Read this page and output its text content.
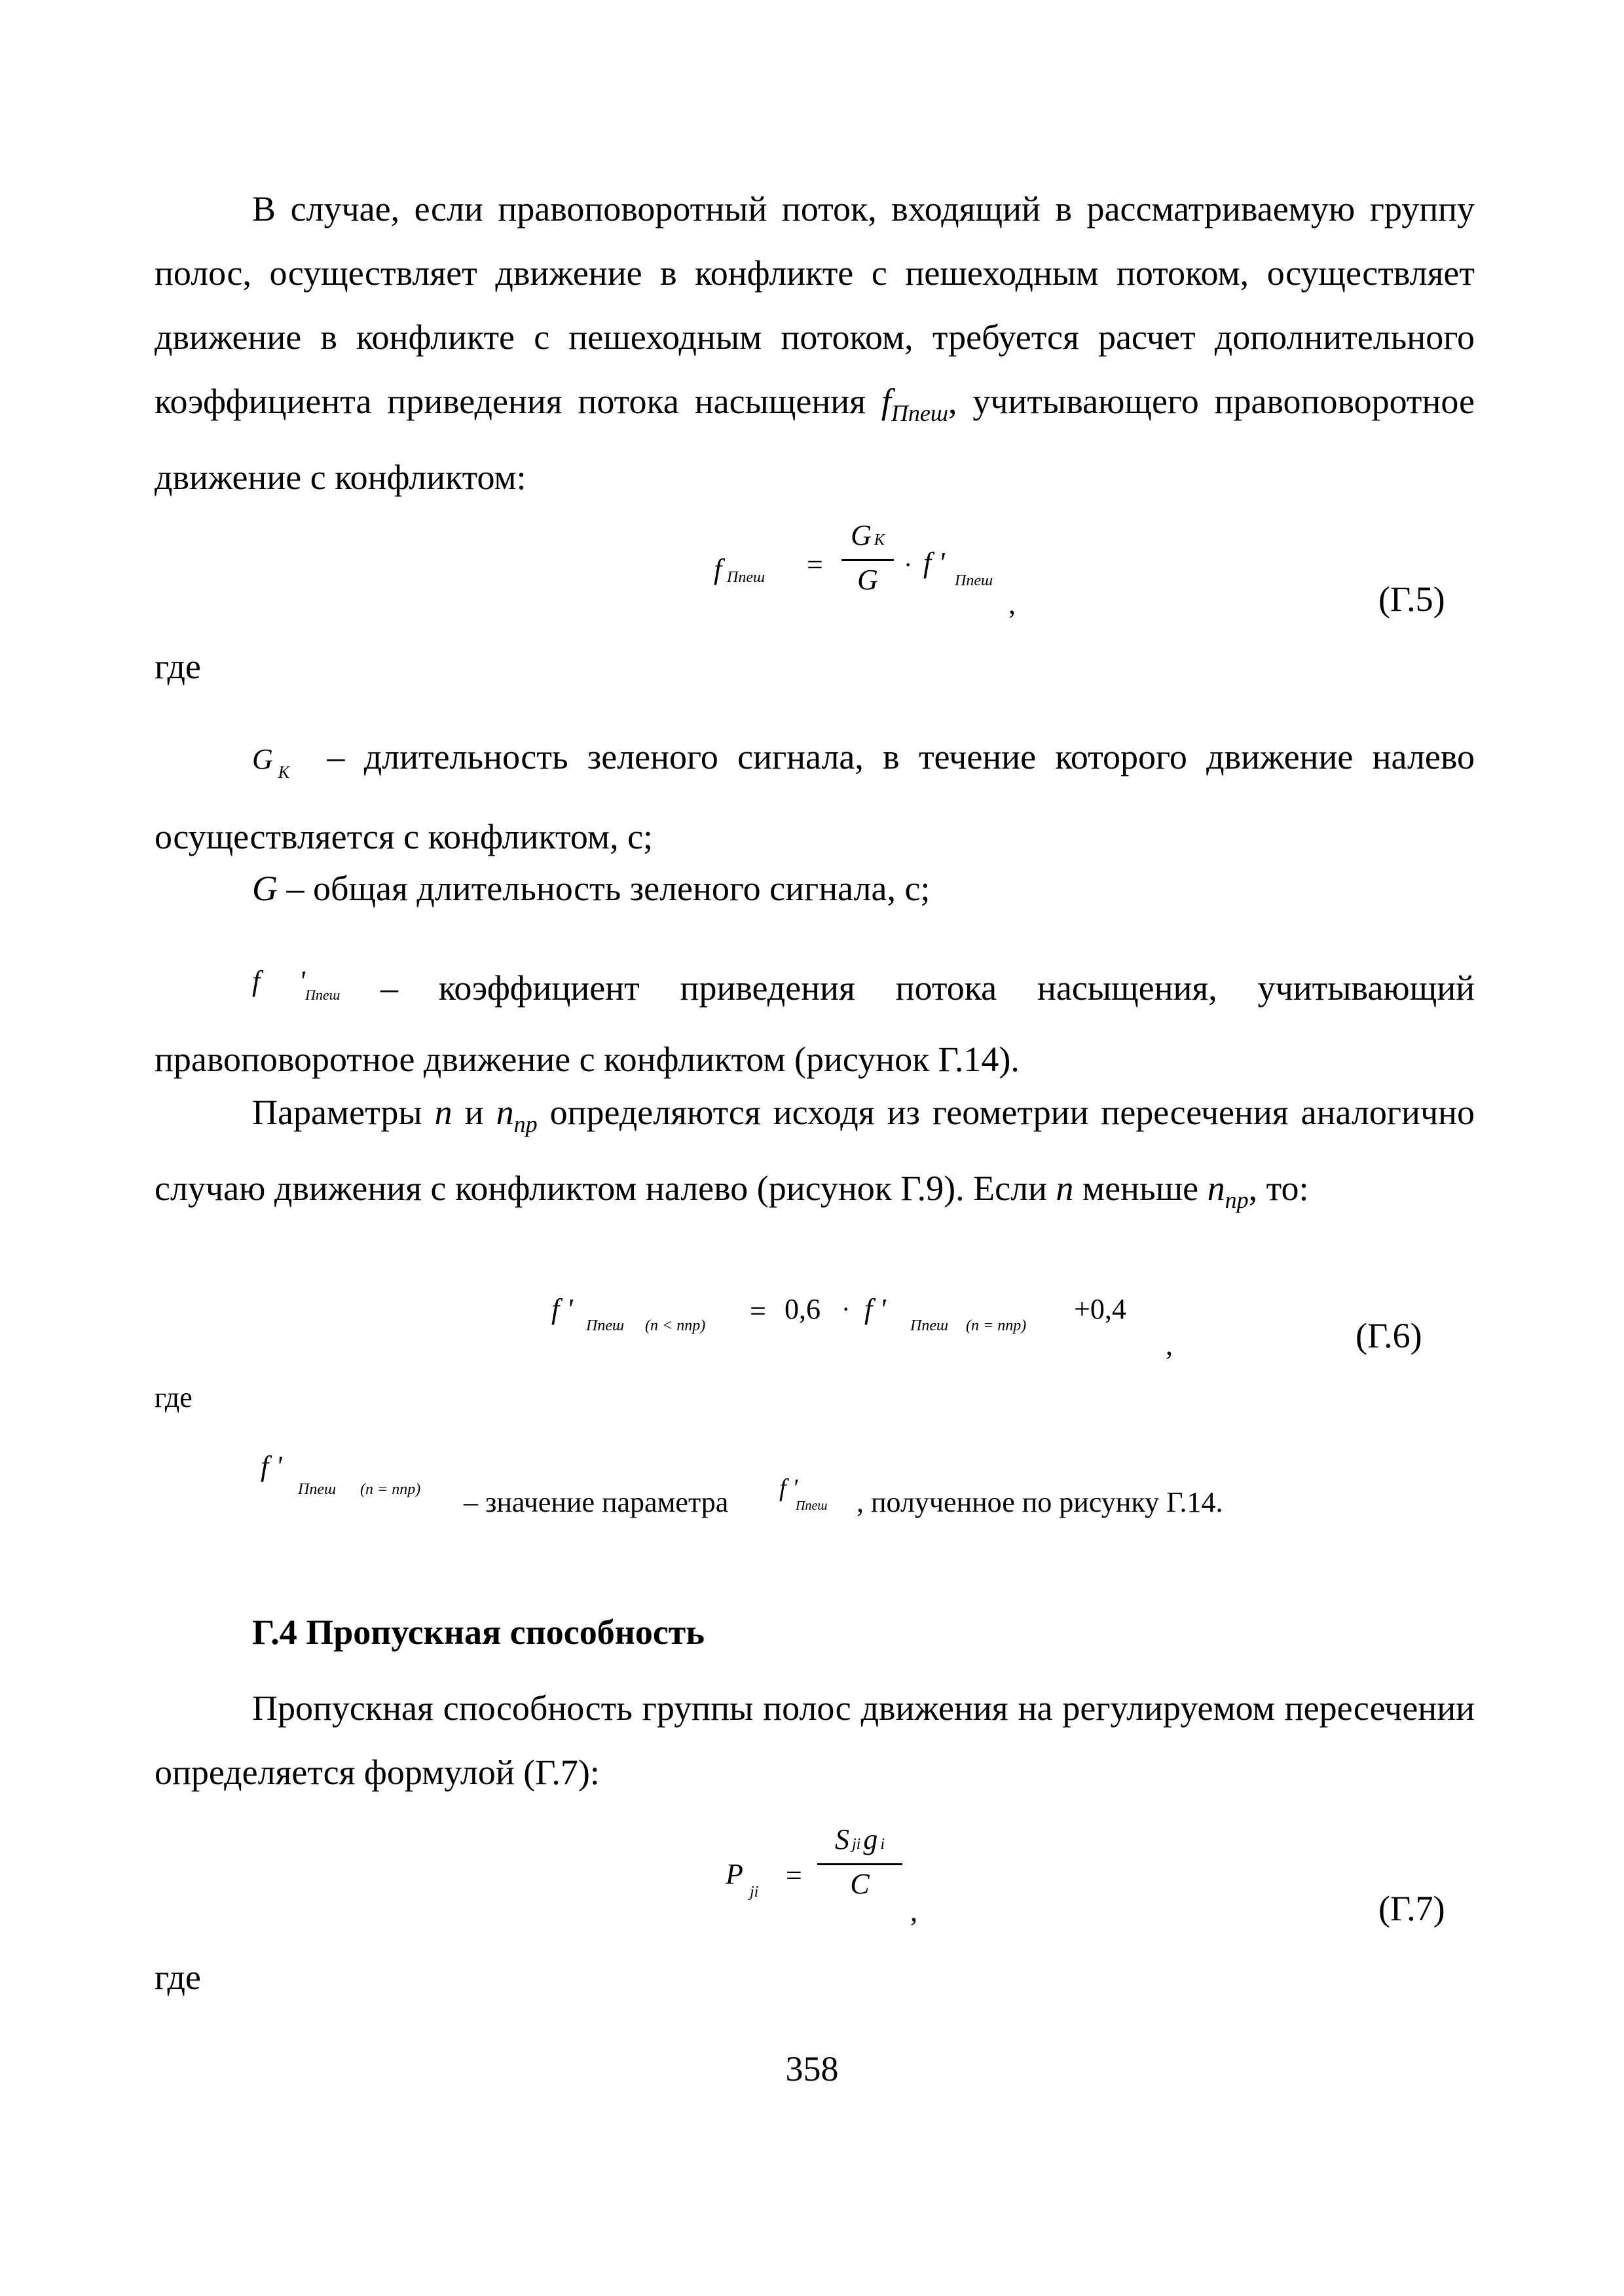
В случае, если правоповоротный поток, входящий в рассматриваемую группу полос, осуществляет движение в конфликте с пешеходным потоком, осуществляет движение в конфликте с пешеходным потоком, требуется расчет дополнительного коэффициента приведения потока насыщения $f_{Ппеш}$, учитывающего правоповоротное движение с конфликтом:

f Ппеш =
G K
G · f '
Ппеш
,	(Г.5)

где

G $_K$ – длительность зеленого сигнала, в течение которого движение налево осуществляется с конфликтом, с;

G – общая длительность зеленого сигнала, с;

$^{f '}$Ппеш – коэффициент приведения потока насыщения, учитывающий правоповоротное движение с конфликтом (рисунок Г.14).

Параметры n и $n_{пр}$ определяются исходя из геометрии пересечения аналогично случаю движения с конфликтом налево (рисунок Г.9). Если n меньше $n_{пр}$, то:

f '
Ппеш (n < nпр) = 0,6 · f '
Ппеш (n = nпр)
+0,4
,	(Г.6)

где

f '
Ппеш (n = nпр) – значение параметра f '
Ппеш , полученное по рисунку Г.14.

Г.4 Пропускная способность

Пропускная способность группы полос движения на регулируемом пересечении определяется формулой (Г.7):

P
ji
=
Sjig i
C
,	(Г.7)

где

358
